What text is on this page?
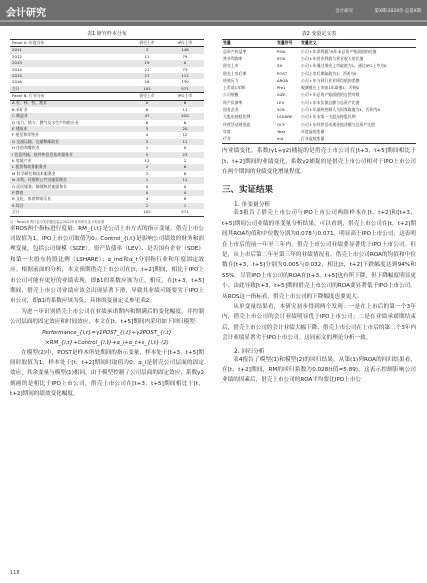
会计研究	会计研究	第X期·2024年·总第X期
表1 研究样本分布
Panel A: 年度分布	借壳上市	IPO上市
2011	3	148
2012	11	79
2013	19	0
2014	21	73
2015	27	112
2016	18	139
合计	102	571
Panel B: 行业分布	借壳上市	IPO上市
A 农、林、牧、渔业	0	6
B 采矿业	6	11
C 制造业	47	420
D 电力、热力、燃气及水生产和供应业	6	6
E 建筑业	5	20
F 批发和零售业	4	12
G 交通运输、仓储和邮政业	5	11
H 住宿和餐饮业	1	0
I 信息传输、软件和信息技术服务业	5	23
K 房地产业	12	2
L 租赁和商务服务业	2	6
M 科学研究和技术服务业	2	8
N 水利、环境和公共设施管理业	1	12
O 居民服务、修理和其他服务业	0	0
P 教育	0	0
R 文化、体育和娱乐业	4	8
S 综合	2	1
合计	102	571
注：Panel B 的行业分类依据证监会2012年发布的行业分类标准

率ROS两个指标进行度量；RM_{i,t}是公司上市方式的指示变量，借壳上市公司取值为1，IPO上市公司取值为0；Control_{i,t}是影响公司绩效的财务和治理变量，包括公司规模（SIZE）、资产负债率（LEV）、是否国有企业（SOE）和第一大股东持股比例（LSHARE）；α_ind和α_t分别指行业和年度固定效应。根据前面的分析，本文预期借壳上市公司在[t，t+2]期间，相比于IPO上市公司可能有更好的业绩表现，即β1的系数应该为正。相反，在[t+3，t+5]期间，借壳上市公司业绩应该会出现显著下滑，导致其业绩可能要劣于IPO上市公司，即β1的系数应该为负。具体的变量定义参见表2。

为进一步识别借壳上市公司在业绩承诺期内和期满后的变化幅度，并控制公司层面的固定效应和时间效应，本文在[t，t+5]期间内采用如下回归模型：

Performance_{i,t}=γ1POST_{i,t}+γ2POST_{i,t}×RM_{i,t}+Control_{i,t}+α_i+α_t+ε_{i,t} (2)

在模型(2)中，POST是样本所处期间的指示变量，样本处于[t+3，t+5]期间时取值为1，样本处于[t，t+2]期间时取值为0；α_i是借壳公司层面的固定效应，其余变量与模型(1)相同。由于模型控制了公司层面的固定效应，系数γ2刻画的是相比于IPO上市公司，借壳上市公司在[t+3，t+5]期间相比于[t，t+2]期间的绩效变化幅度。

表2 变量定义表
变量	变量符号	变量定义
总资产收益率	ROA	公司 t 年净利润与t年末总资产账面值的比值
营业利润率	ROS	公司 t 年营业利润与营业收入的比值
借壳上市	SH	公司 t 年通过借壳上市取值为1，通过IPO上市为0
借壳上市后期	POST	公司上市后期取值为1，否则为0
绩效压力	ΔROA	公司 t 年与同行业业绩均值的差额
上市前1年期	Pre1	观测值在上市前1年取值1，否则0
公司规模	SIZE	公司 t 年总资产账面值的自然对数
资产负债率	LEV	公司 t 年末负债总额与总资产比值
国有企业	SOE	公司 t 年最终控制人为国有取值为1，否则为0
大股东持股比例	LSHARE	公司 t 年末第一大股东持股比例
经营活动现金流	OCF	公司 t 年经营活动现金流净额与总资产比值
年度	Year	年度虚拟变量
行业	Ind	行业虚拟变量

内业绩变化。系数(γ1+γ2)捕捉的是借壳上市公司在[t+3，t+5]期间相比于[t，t+2]期间的业绩变化，系数γ2捕捉的是借壳上市公司相对于IPO上市公司在两个期间的业绩变化增量程度。

三、实证结果
1. 单变量分析

表3报告了借壳上市公司与IPO上市公司两组样本在[t，t+2]和[t+3，t+5]期间公司业绩的单变量分析结果。可以看到，借壳上市公司在[t，t+2]期间其ROA均值和中位数分别为0.078与0.071，明显高于IPO上市公司，这表明在上市后的前一年至三年内，借壳上市公司业绩要显著优于IPO上市公司。但是，从上市后第二年至第三年的业绩情况看，借壳上市公司ROA的均值和中位数在[t+3，t+5]分别为0.005与0.032，相比[t，t+2]下跌幅度达到94%和55%。尽管IPO上市公司的ROA在[t+3，t+5]也有所下降，但下降幅度明显更小。由此导致[t+3，t+5]期间借壳上市公司的ROA要显著低于IPO上市公司。从ROS这一指标看，借壳上市公司的下降幅度也要更大。

从单变量结果看，本研究初步得到两个发现：一是在上市后的第一个3年内，借壳上市公司的会计业绩明显优于IPO上市公司；二是在业绩承诺期结束后，借壳上市公司的会计业绩大幅下降，借壳上市公司在上市后的第二个3年内会计业绩显著劣于IPO上市公司。这同前文的理论分析一致。

2. 回归分析

表4报告了模型(1)和模型(2)的回归结果。从第(1)列ROA的回归结果看，在[t，t+2]期间，RM的回归系数为0.028(t值=5.89)，这表示控制影响公司业绩的因素后，借壳上市公司的ROA平均要比IPO上市公

118
